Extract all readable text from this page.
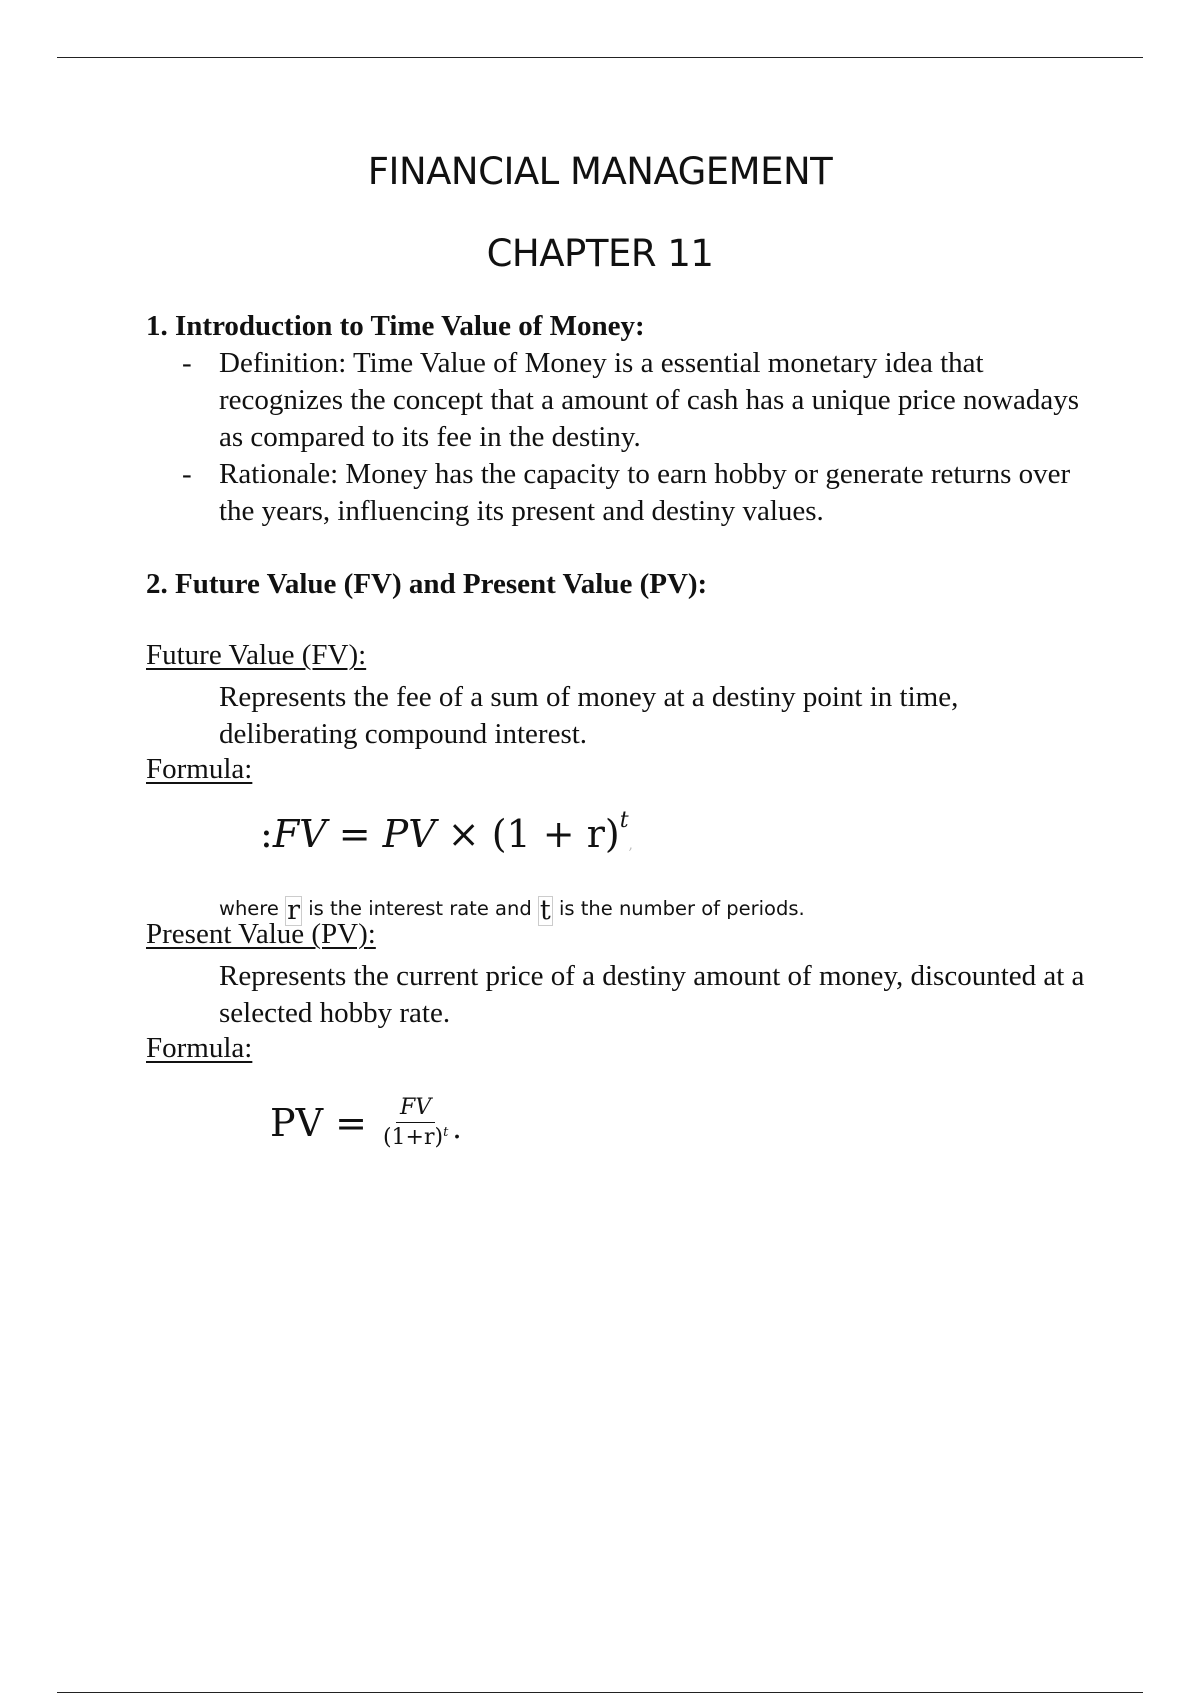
FINANCIAL MANAGEMENT
CHAPTER 11
1. Introduction to Time Value of Money:
- Definition: Time Value of Money is a essential monetary idea that recognizes the concept that a amount of cash has a unique price nowadays as compared to its fee in the destiny.
- Rationale: Money has the capacity to earn hobby or generate returns over the years, influencing its present and destiny values.
2. Future Value (FV) and Present Value (PV):
Future Value (FV):
Represents the fee of a sum of money at a destiny point in time, deliberating compound interest.
Formula:
:FV = PV × $(1 + r)^t$,
where r is the interest rate and t is the number of periods.
Present Value (PV):
Represents the current price of a destiny amount of money, discounted at a selected hobby rate.
Formula:
PV = $\frac{FV}{(1+r)^t}$ .
